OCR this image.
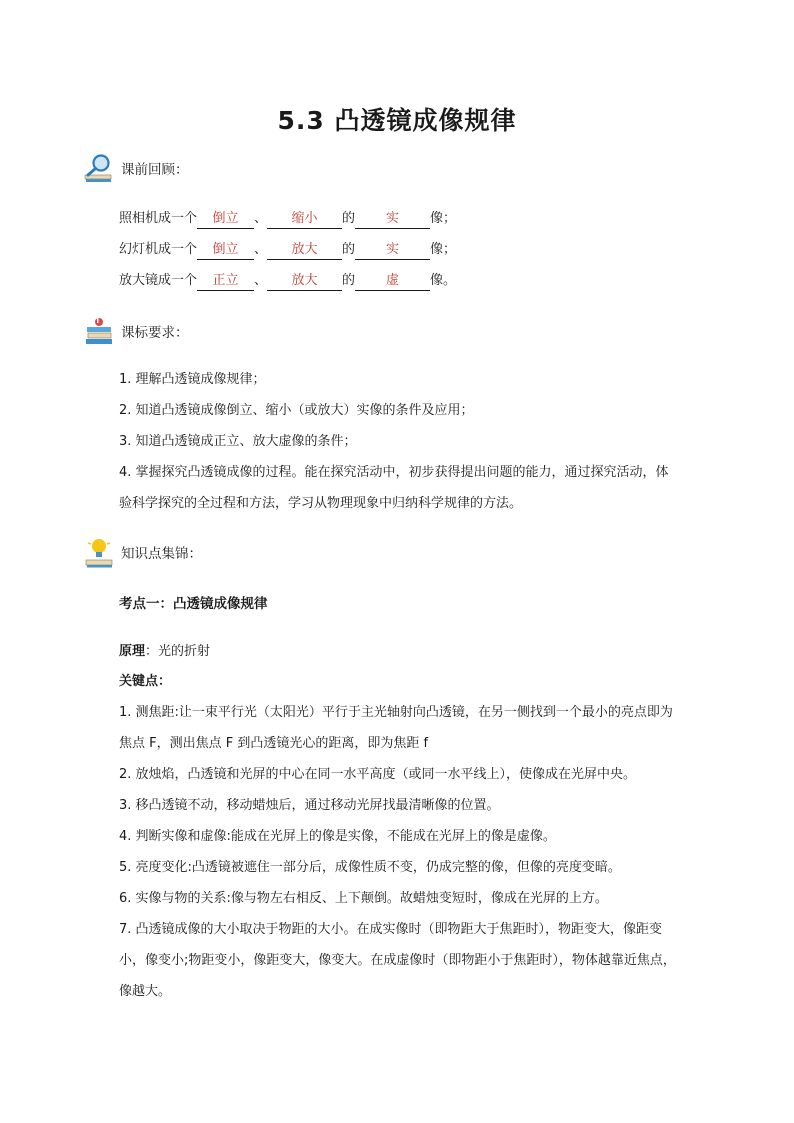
5.3 凸透镜成像规律
课前回顾：
照相机成一个 倒立 、 缩小 的 实 像；
幻灯机成一个 倒立 、 放大 的 实 像；
放大镜成一个 正立 、 放大 的 虚 像。
课标要求：

1. 理解凸透镜成像规律；

2. 知道凸透镜成像倒立、缩小（或放大）实像的条件及应用；

3. 知道凸透镜成正立、放大虚像的条件；

4. 掌握探究凸透镜成像的过程。能在探究活动中，初步获得提出问题的能力，通过探究活动，体验科学探究的全过程和方法，学习从物理现象中归纳科学规律的方法。

知识点集锦：
考点一：凸透镜成像规律
原理：光的折射
关键点：

1. 测焦距:让一束平行光（太阳光）平行于主光轴射向凸透镜，在另一侧找到一个最小的亮点即为焦点 F，测出焦点 F 到凸透镜光心的距离，即为焦距 f

2. 放烛焰，凸透镜和光屏的中心在同一水平高度（或同一水平线上），使像成在光屏中央。

3. 移凸透镜不动，移动蜡烛后，通过移动光屏找最清晰像的位置。

4. 判断实像和虚像:能成在光屏上的像是实像，不能成在光屏上的像是虚像。

5. 亮度变化:凸透镜被遮住一部分后，成像性质不变，仍成完整的像，但像的亮度变暗。

6. 实像与物的关系:像与物左右相反、上下颠倒。故蜡烛变短时，像成在光屏的上方。

7. 凸透镜成像的大小取决于物距的大小。在成实像时（即物距大于焦距时），物距变大，像距变小，像变小;物距变小，像距变大，像变大。在成虚像时（即物距小于焦距时），物体越靠近焦点，像越大。
